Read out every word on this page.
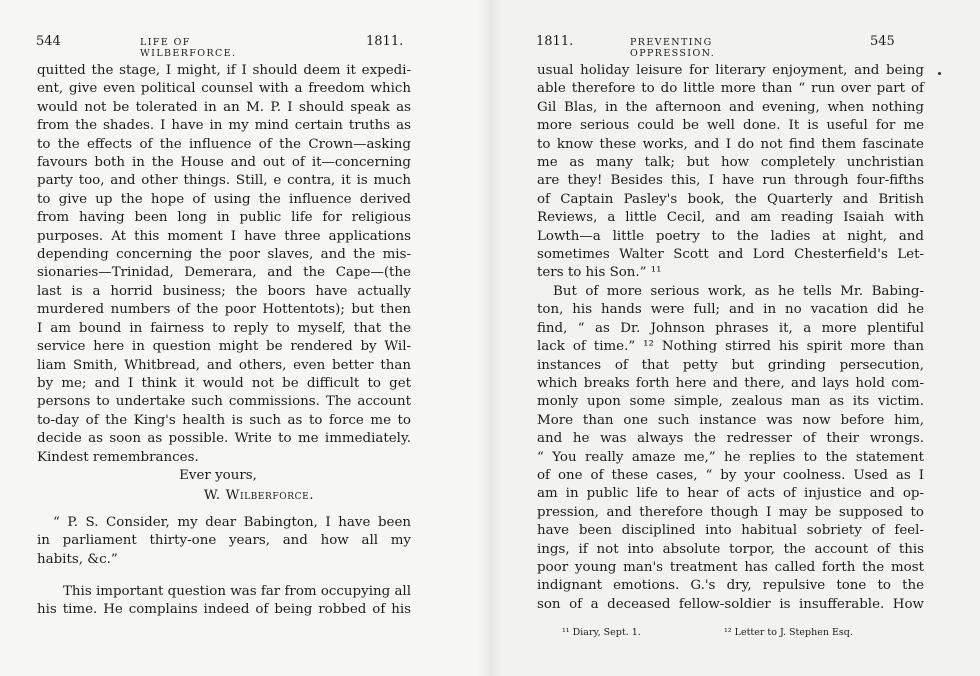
544	LIFE OF WILBERFORCE.
1811.
quitted the stage, I might, if I should deem it expedi-
ent, give even political counsel with a freedom which
would not be tolerated in an M. P. I should speak as
from the shades. I have in my mind certain truths as
to the effects of the influence of the Crown—asking
favours both in the House and out of it—concerning
party too, and other things. Still, e contra, it is much
to give up the hope of using the influence derived
from having been long in public life for religious
purposes. At this moment I have three applications
depending concerning the poor slaves, and the mis-
sionaries—Trinidad, Demerara, and the Cape—(the
last is a horrid business; the boors have actually
murdered numbers of the poor Hottentots); but then
I am bound in fairness to reply to myself, that the
service here in question might be rendered by Wil-
liam Smith, Whitbread, and others, even better than
by me; and I think it would not be difficult to get
persons to undertake such commissions. The account
to-day of the King's health is such as to force me to
decide as soon as possible. Write to me immediately.
Kindest remembrances.
Ever yours,
W. Wilberforce.
“ P. S. Consider, my dear Babington, I have been
in parliament thirty-one years, and how all my
habits, &c.”
This important question was far from occupying all
his time. He complains indeed of being robbed of his
1811.	PREVENTING OPPRESSION.
545
usual holiday leisure for literary enjoyment, and being
able therefore to do little more than “ run over part of
Gil Blas, in the afternoon and evening, when nothing
more serious could be well done. It is useful for me
to know these works, and I do not find them fascinate
me as many talk; but how completely unchristian
are they! Besides this, I have run through four-fifths
of Captain Pasley's book, the Quarterly and British
Reviews, a little Cecil, and am reading Isaiah with
Lowth—a little poetry to the ladies at night, and
sometimes Walter Scott and Lord Chesterfield's Let-
ters to his Son.” ¹¹
But of more serious work, as he tells Mr. Babing-
ton, his hands were full; and in no vacation did he
find, “ as Dr. Johnson phrases it, a more plentiful
lack of time.” ¹² Nothing stirred his spirit more than
instances of that petty but grinding persecution,
which breaks forth here and there, and lays hold com-
monly upon some simple, zealous man as its victim.
More than one such instance was now before him,
and he was always the redresser of their wrongs.
“ You really amaze me,” he replies to the statement
of one of these cases, “ by your coolness. Used as I
am in public life to hear of acts of injustice and op-
pression, and therefore though I may be supposed to
have been disciplined into habitual sobriety of feel-
ings, if not into absolute torpor, the account of this
poor young man's treatment has called forth the most
indignant emotions. G.'s dry, repulsive tone to the
son of a deceased fellow-soldier is insufferable. How
¹¹ Diary, Sept. 1.	¹² Letter to J. Stephen Esq.
